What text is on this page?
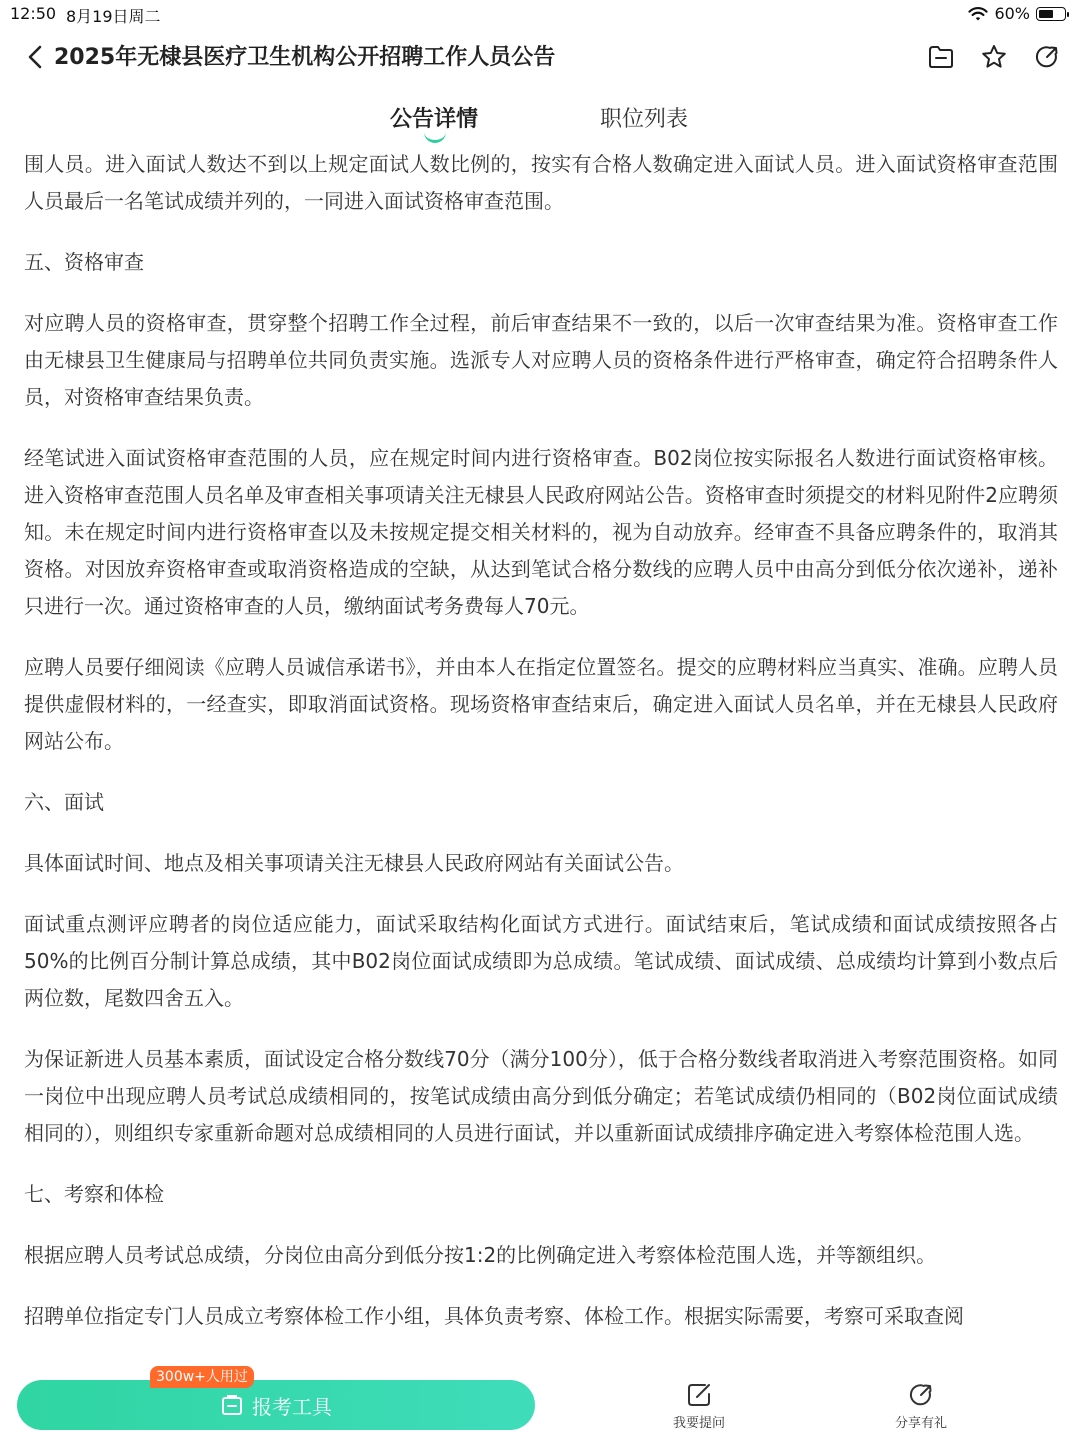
12:50 8月19日周二	60%
2025年无棣县医疗卫生机构公开招聘工作人员公告
公告详情	职位列表

围人员。进入面试人数达不到以上规定面试人数比例的，按实有合格人数确定进入面试人员。进入面试资格审查范围人员最后一名笔试成绩并列的，一同进入面试资格审查范围。

五、资格审查

对应聘人员的资格审查，贯穿整个招聘工作全过程，前后审查结果不一致的，以后一次审查结果为准。资格审查工作由无棣县卫生健康局与招聘单位共同负责实施。选派专人对应聘人员的资格条件进行严格审查，确定符合招聘条件人员，对资格审查结果负责。

经笔试进入面试资格审查范围的人员，应在规定时间内进行资格审查。B02岗位按实际报名人数进行面试资格审核。进入资格审查范围人员名单及审查相关事项请关注无棣县人民政府网站公告。资格审查时须提交的材料见附件2应聘须知。未在规定时间内进行资格审查以及未按规定提交相关材料的，视为自动放弃。经审查不具备应聘条件的，取消其资格。对因放弃资格审查或取消资格造成的空缺，从达到笔试合格分数线的应聘人员中由高分到低分依次递补，递补只进行一次。通过资格审查的人员，缴纳面试考务费每人70元。

应聘人员要仔细阅读《应聘人员诚信承诺书》，并由本人在指定位置签名。提交的应聘材料应当真实、准确。应聘人员提供虚假材料的，一经查实，即取消面试资格。现场资格审查结束后，确定进入面试人员名单，并在无棣县人民政府网站公布。

六、面试

具体面试时间、地点及相关事项请关注无棣县人民政府网站有关面试公告。

面试重点测评应聘者的岗位适应能力，面试采取结构化面试方式进行。面试结束后，笔试成绩和面试成绩按照各占50%的比例百分制计算总成绩，其中B02岗位面试成绩即为总成绩。笔试成绩、面试成绩、总成绩均计算到小数点后两位数，尾数四舍五入。

为保证新进人员基本素质，面试设定合格分数线70分（满分100分），低于合格分数线者取消进入考察范围资格。如同一岗位中出现应聘人员考试总成绩相同的，按笔试成绩由高分到低分确定；若笔试成绩仍相同的（B02岗位面试成绩相同的），则组织专家重新命题对总成绩相同的人员进行面试，并以重新面试成绩排序确定进入考察体检范围人选。

七、考察和体检

根据应聘人员考试总成绩，分岗位由高分到低分按1:2的比例确定进入考察体检范围人选，并等额组织。

招聘单位指定专门人员成立考察体检工作小组，具体负责考察、体检工作。根据实际需要，考察可采取查阅

报考工具
300w+人用过
我要提问	分享有礼
